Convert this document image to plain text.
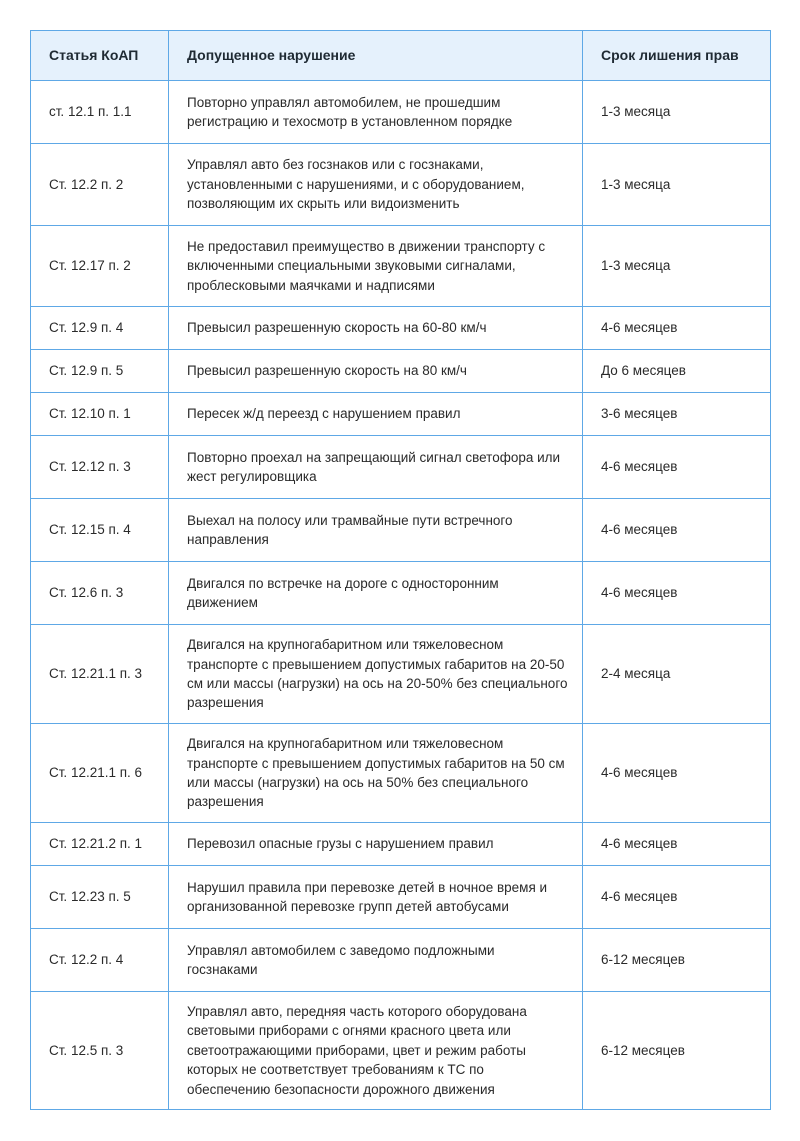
Статья КоАП	Допущенное нарушение	Срок лишения прав
ст. 12.1 п. 1.1	Повторно управлял автомобилем, не прошедшим регистрацию и техосмотр в установленном порядке	1-3 месяца
Ст. 12.2 п. 2	Управлял авто без госзнаков или с госзнаками, установленными с нарушениями, и с оборудованием, позволяющим их скрыть или видоизменить	1-3 месяца
Ст. 12.17 п. 2	Не предоставил преимущество в движении транспорту с включенными специальными звуковыми сигналами, проблесковыми маячками и надписями	1-3 месяца
Ст. 12.9 п. 4	Превысил разрешенную скорость на 60-80 км/ч	4-6 месяцев
Ст. 12.9 п. 5	Превысил разрешенную скорость на 80 км/ч	До 6 месяцев
Ст. 12.10 п. 1	Пересек ж/д переезд с нарушением правил	3-6 месяцев
Ст. 12.12 п. 3	Повторно проехал на запрещающий сигнал светофора или жест регулировщика	4-6 месяцев
Ст. 12.15 п. 4	Выехал на полосу или трамвайные пути встречного направления	4-6 месяцев
Ст. 12.6 п. 3	Двигался по встречке на дороге с односторонним движением	4-6 месяцев
Ст. 12.21.1 п. 3	Двигался на крупногабаритном или тяжеловесном транспорте с превышением допустимых габаритов на 20-50 см или массы (нагрузки) на ось на 20-50% без специального разрешения	2-4 месяца
Ст. 12.21.1 п. 6	Двигался на крупногабаритном или тяжеловесном транспорте с превышением допустимых габаритов на 50 см или массы (нагрузки) на ось на 50% без специального разрешения	4-6 месяцев
Ст. 12.21.2 п. 1	Перевозил опасные грузы с нарушением правил	4-6 месяцев
Ст. 12.23 п. 5	Нарушил правила при перевозке детей в ночное время и организованной перевозке групп детей автобусами	4-6 месяцев
Ст. 12.2 п. 4	Управлял автомобилем с заведомо подложными госзнаками	6-12 месяцев
Ст. 12.5 п. 3	Управлял авто, передняя часть которого оборудована световыми приборами с огнями красного цвета или светоотражающими приборами, цвет и режим работы которых не соответствует требованиям к ТС по обеспечению безопасности дорожного движения	6-12 месяцев
